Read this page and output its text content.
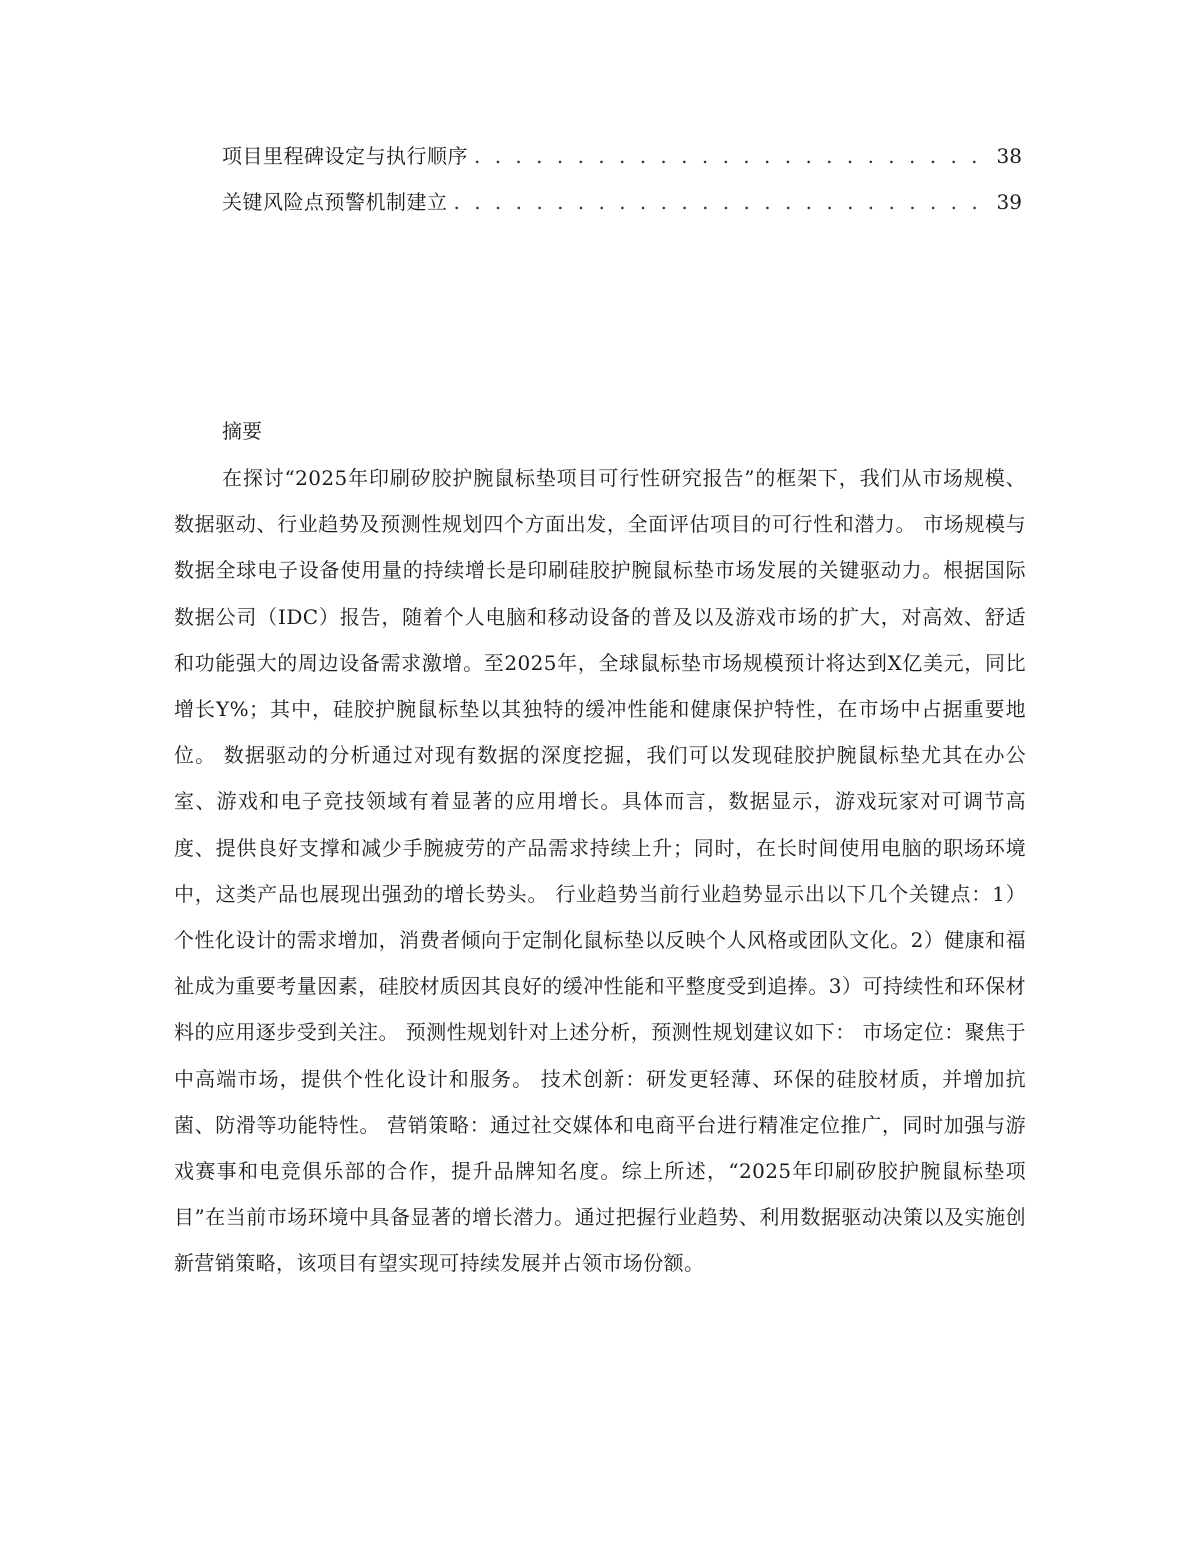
项目里程碑设定与执行顺序 . . .	38
关键风险点预警机制建立 . . .	39
摘要

在探讨“2025年印刷矽胶护腕鼠标垫项目可行性研究报告”的框架下，我们从市场规模、数据驱动、行业趋势及预测性规划四个方面出发，全面评估项目的可行性和潜力。 市场规模与数据全球电子设备使用量的持续增长是印刷硅胶护腕鼠标垫市场发展的关键驱动力。根据国际数据公司（IDC）报告，随着个人电脑和移动设备的普及以及游戏市场的扩大，对高效、舒适和功能强大的周边设备需求激增。至2025年，全球鼠标垫市场规模预计将达到X亿美元，同比增长Y%；其中，硅胶护腕鼠标垫以其独特的缓冲性能和健康保护特性，在市场中占据重要地位。 数据驱动的分析通过对现有数据的深度挖掘，我们可以发现硅胶护腕鼠标垫尤其在办公室、游戏和电子竞技领域有着显著的应用增长。具体而言，数据显示，游戏玩家对可调节高度、提供良好支撑和减少手腕疲劳的产品需求持续上升；同时，在长时间使用电脑的职场环境中，这类产品也展现出强劲的增长势头。 行业趋势当前行业趋势显示出以下几个关键点：1）个性化设计的需求增加，消费者倾向于定制化鼠标垫以反映个人风格或团队文化。2）健康和福祉成为重要考量因素，硅胶材质因其良好的缓冲性能和平整度受到追捧。3）可持续性和环保材料的应用逐步受到关注。 预测性规划针对上述分析，预测性规划建议如下： 市场定位：聚焦于中高端市场，提供个性化设计和服务。 技术创新：研发更轻薄、环保的硅胶材质，并增加抗菌、防滑等功能特性。 营销策略：通过社交媒体和电商平台进行精准定位推广，同时加强与游戏赛事和电竞俱乐部的合作，提升品牌知名度。综上所述，“2025年印刷矽胶护腕鼠标垫项目”在当前市场环境中具备显著的增长潜力。通过把握行业趋势、利用数据驱动决策以及实施创新营销策略，该项目有望实现可持续发展并占领市场份额。
